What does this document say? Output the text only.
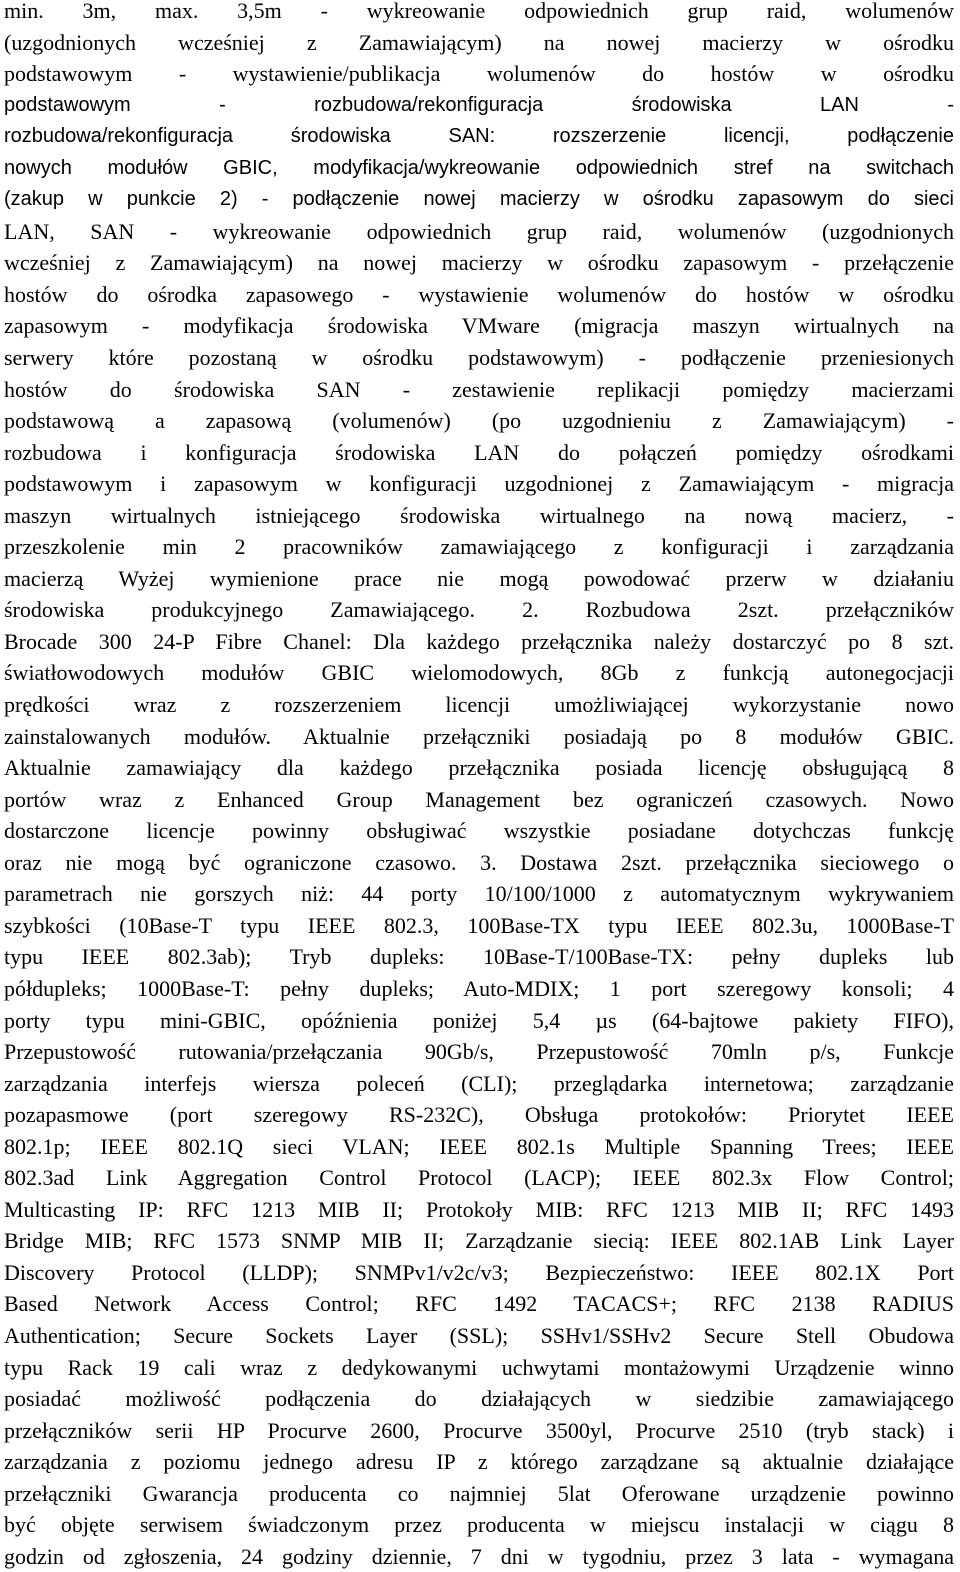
min. 3m, max. 3,5m - wykreowanie odpowiednich grup raid, wolumenów
(uzgodnionych wcześniej z Zamawiającym) na nowej macierzy w ośrodku
podstawowym - wystawienie/publikacja wolumenów do hostów w ośrodku
podstawowym - rozbudowa/rekonfiguracja środowiska LAN -
rozbudowa/rekonfiguracja środowiska SAN: rozszerzenie licencji, podłączenie
nowych modułów GBIC, modyfikacja/wykreowanie odpowiednich stref na switchach
(zakup w punkcie 2) - podłączenie nowej macierzy w ośrodku zapasowym do sieci
LAN, SAN - wykreowanie odpowiednich grup raid, wolumenów (uzgodnionych
wcześniej z Zamawiającym) na nowej macierzy w ośrodku zapasowym - przełączenie
hostów do ośrodka zapasowego - wystawienie wolumenów do hostów w ośrodku
zapasowym - modyfikacja środowiska VMware (migracja maszyn wirtualnych na
serwery które pozostaną w ośrodku podstawowym) - podłączenie przeniesionych
hostów do środowiska SAN - zestawienie replikacji pomiędzy macierzami
podstawową a zapasową (volumenów) (po uzgodnieniu z Zamawiającym) -
rozbudowa i konfiguracja środowiska LAN do połączeń pomiędzy ośrodkami
podstawowym i zapasowym w konfiguracji uzgodnionej z Zamawiającym - migracja
maszyn wirtualnych istniejącego środowiska wirtualnego na nową macierz, -
przeszkolenie min 2 pracowników zamawiającego z konfiguracji i zarządzania
macierzą Wyżej wymienione prace nie mogą powodować przerw w działaniu
środowiska produkcyjnego Zamawiającego. 2. Rozbudowa 2szt. przełączników
Brocade 300 24-P Fibre Chanel: Dla każdego przełącznika należy dostarczyć po 8 szt.
światłowodowych modułów GBIC wielomodowych, 8Gb z funkcją autonegocjacji
prędkości wraz z rozszerzeniem licencji umożliwiającej wykorzystanie nowo
zainstalowanych modułów. Aktualnie przełączniki posiadają po 8 modułów GBIC.
Aktualnie zamawiający dla każdego przełącznika posiada licencję obsługującą 8
portów wraz z Enhanced Group Management bez ograniczeń czasowych. Nowo
dostarczone licencje powinny obsługiwać wszystkie posiadane dotychczas funkcję
oraz nie mogą być ograniczone czasowo. 3. Dostawa 2szt. przełącznika sieciowego o
parametrach nie gorszych niż: 44 porty 10/100/1000 z automatycznym wykrywaniem
szybkości (10Base-T typu IEEE 802.3, 100Base-TX typu IEEE 802.3u, 1000Base-T
typu IEEE 802.3ab); Tryb dupleks: 10Base-T/100Base-TX: pełny dupleks lub
półdupleks; 1000Base-T: pełny dupleks; Auto-MDIX; 1 port szeregowy konsoli; 4
porty typu mini-GBIC, opóźnienia poniżej 5,4 µs (64-bajtowe pakiety FIFO),
Przepustowość rutowania/przełączania 90Gb/s, Przepustowość 70mln p/s, Funkcje
zarządzania interfejs wiersza poleceń (CLI); przeglądarka internetowa; zarządzanie
pozapasmowe (port szeregowy RS-232C), Obsługa protokołów: Priorytet IEEE
802.1p; IEEE 802.1Q sieci VLAN; IEEE 802.1s Multiple Spanning Trees; IEEE
802.3ad Link Aggregation Control Protocol (LACP); IEEE 802.3x Flow Control;
Multicasting IP: RFC 1213 MIB II; Protokoły MIB: RFC 1213 MIB II; RFC 1493
Bridge MIB; RFC 1573 SNMP MIB II; Zarządzanie siecią: IEEE 802.1AB Link Layer
Discovery Protocol (LLDP); SNMPv1/v2c/v3; Bezpieczeństwo: IEEE 802.1X Port
Based Network Access Control; RFC 1492 TACACS+; RFC 2138 RADIUS
Authentication; Secure Sockets Layer (SSL); SSHv1/SSHv2 Secure Stell Obudowa
typu Rack 19 cali wraz z dedykowanymi uchwytami montażowymi Urządzenie winno
posiadać możliwość podłączenia do działających w siedzibie zamawiającego
przełączników serii HP Procurve 2600, Procurve 3500yl, Procurve 2510 (tryb stack) i
zarządzania z poziomu jednego adresu IP z którego zarządzane są aktualnie działające
przełączniki Gwarancja producenta co najmniej 5lat Oferowane urządzenie powinno
być objęte serwisem świadczonym przez producenta w miejscu instalacji w ciągu 8
godzin od zgłoszenia, 24 godziny dziennie, 7 dni w tygodniu, przez 3 lata - wymagana
